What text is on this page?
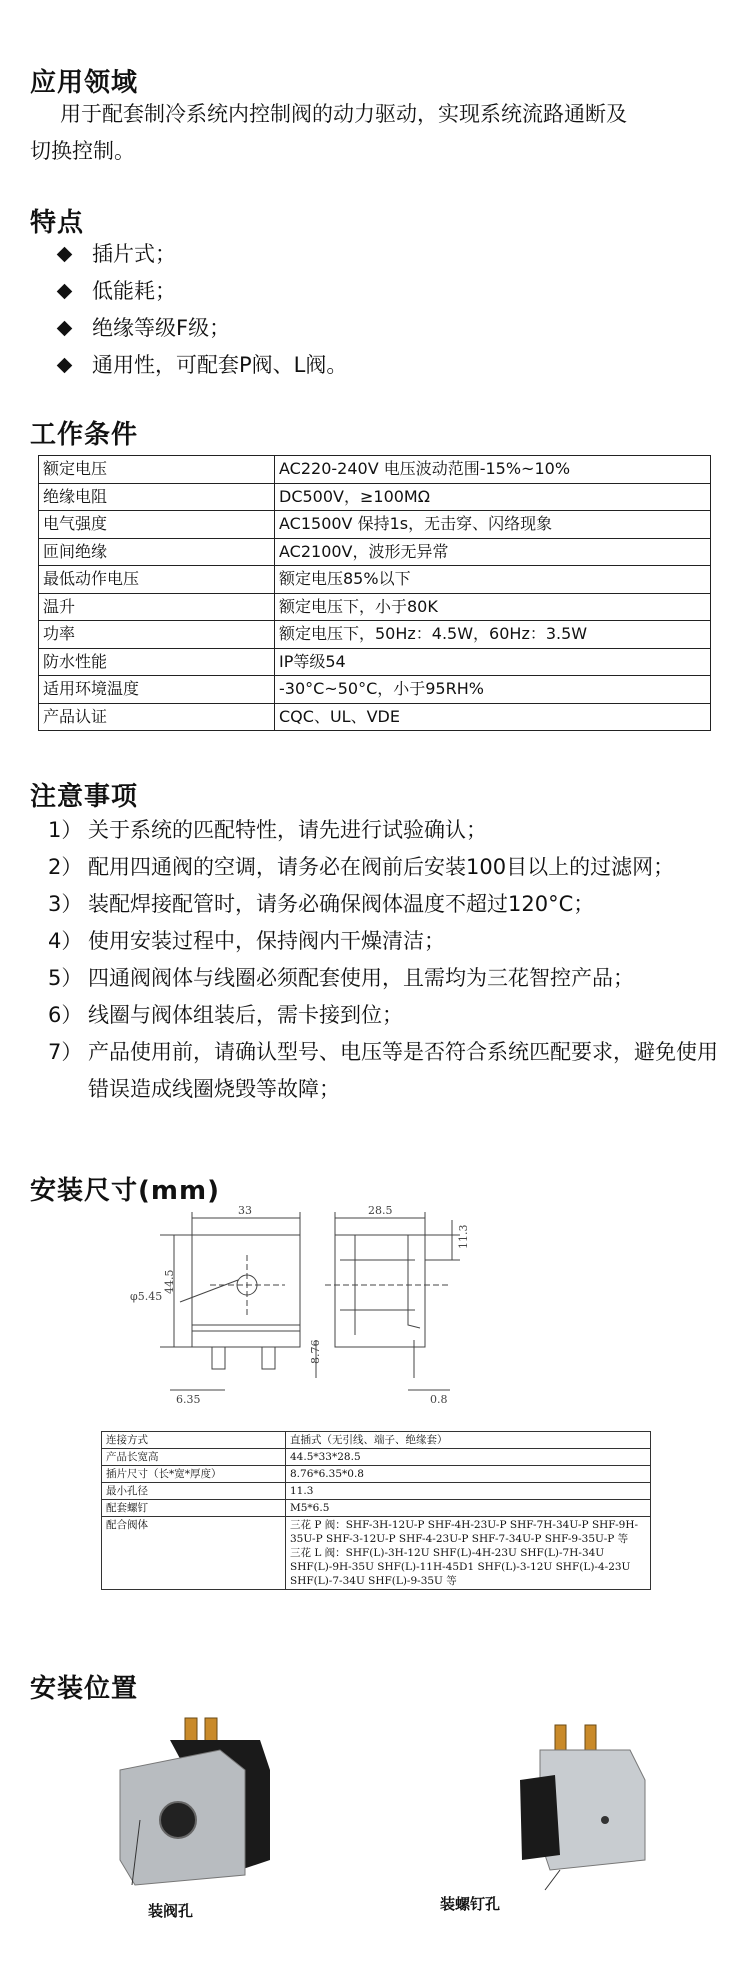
应用领域
用于配套制冷系统内控制阀的动力驱动，实现系统流路通断及
切换控制。
特点
插片式；
低能耗；
绝缘等级F级；
通用性，可配套P阀、L阀。
工作条件
额定电压	AC220-240V 电压波动范围-15%~10%
绝缘电阻	DC500V，≥100MΩ
电气强度	AC1500V 保持1s，无击穿、闪络现象
匝间绝缘	AC2100V，波形无异常
最低动作电压	额定电压85%以下
温升	额定电压下，小于80K
功率	额定电压下，50Hz：4.5W，60Hz：3.5W
防水性能	IP等级54
适用环境温度	-30°C~50°C，小于95RH%
产品认证	CQC、UL、VDE
注意事项
1） 关于系统的匹配特性，请先进行试验确认；
2） 配用四通阀的空调，请务必在阀前后安装100目以上的过滤网；
3） 装配焊接配管时，请务必确保阀体温度不超过120°C；
4） 使用安装过程中，保持阀内干燥清洁；
5） 四通阀阀体与线圈必须配套使用，且需均为三花智控产品；
6） 线圈与阀体组装后，需卡接到位；
7） 产品使用前，请确认型号、电压等是否符合系统匹配要求，避免使用错误造成线圈烧毁等故障；
安装尺寸(mm)
33
44.5
φ5.45
6.35
28.5
11.3
8.76
0.8
连接方式	直插式（无引线、端子、绝缘套）
产品长宽高	44.5*33*28.5
插片尺寸（长*宽*厚度）	8.76*6.35*0.8
最小孔径	11.3
配套螺钉	M5*6.5
配合阀体	三花 P 阀：SHF-3H-12U-P SHF-4H-23U-P SHF-7H-34U-P SHF-9H-35U-P SHF-3-12U-P SHF-4-23U-P SHF-7-34U-P SHF-9-35U-P 等
三花 L 阀：SHF(L)-3H-12U SHF(L)-4H-23U SHF(L)-7H-34U SHF(L)-9H-35U SHF(L)-11H-45D1 SHF(L)-3-12U SHF(L)-4-23U SHF(L)-7-34U SHF(L)-9-35U 等
安装位置
装阀孔	装螺钉孔
